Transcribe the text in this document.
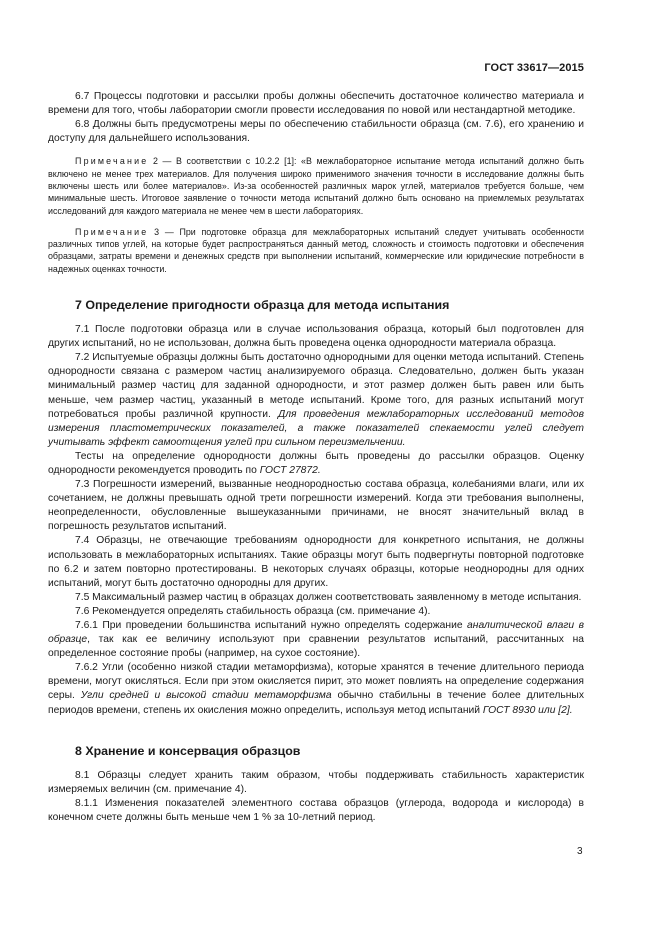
ГОСТ 33617—2015

6.7 Процессы подготовки и рассылки пробы должны обеспечить достаточное количество материала и времени для того, чтобы лаборатории смогли провести исследования по новой или нестандартной методике.

6.8 Должны быть предусмотрены меры по обеспечению стабильности образца (см. 7.6), его хранению и доступу для дальнейшего использования.

Примечание 2 — В соответствии с 10.2.2 [1]: «В межлабораторное испытание метода испытаний должно быть включено не менее трех материалов. Для получения широко применимого значения точности в исследование должны быть включены шесть или более материалов». Из-за особенностей различных марок углей, материалов требуется больше, чем минимальные шесть. Итоговое заявление о точности метода испытаний должно быть основано на приемлемых результатах исследований для каждого материала не менее чем в шести лабораториях.

Примечание 3 — При подготовке образца для межлабораторных испытаний следует учитывать особенности различных типов углей, на которые будет распространяться данный метод, сложность и стоимость подготовки и обеспечения образцами, затраты времени и денежных средств при выполнении испытаний, коммерческие или юридические потребности в надежных оценках точности.

7 Определение пригодности образца для метода испытания

7.1 После подготовки образца или в случае использования образца, который был подготовлен для других испытаний, но не использован, должна быть проведена оценка однородности материала образца.

7.2 Испытуемые образцы должны быть достаточно однородными для оценки метода испытаний. Степень однородности связана с размером частиц анализируемого образца. Следовательно, должен быть указан минимальный размер частиц для заданной однородности, и этот размер должен быть равен или быть меньше, чем размер частиц, указанный в методе испытаний. Кроме того, для разных испытаний могут потребоваться пробы различной крупности. Для проведения межлабораторных исследований методов измерения пластометрических показателей, а также показателей спекаемости углей следует учитывать эффект самоотщения углей при сильном переизмельчении.

Тесты на определение однородности должны быть проведены до рассылки образцов. Оценку однородности рекомендуется проводить по ГОСТ 27872.

7.3 Погрешности измерений, вызванные неоднородностью состава образца, колебаниями влаги, или их сочетанием, не должны превышать одной трети погрешности измерений. Когда эти требования выполнены, неопределенности, обусловленные вышеуказанными причинами, не вносят значительный вклад в погрешность результатов испытаний.

7.4 Образцы, не отвечающие требованиям однородности для конкретного испытания, не должны использовать в межлабораторных испытаниях. Такие образцы могут быть подвергнуты повторной подготовке по 6.2 и затем повторно протестированы. В некоторых случаях образцы, которые неоднородны для одних испытаний, могут быть достаточно однородны для других.

7.5 Максимальный размер частиц в образцах должен соответствовать заявленному в методе испытания.

7.6 Рекомендуется определять стабильность образца (см. примечание 4).

7.6.1 При проведении большинства испытаний нужно определять содержание аналитической влаги в образце, так как ее величину используют при сравнении результатов испытаний, рассчитанных на определенное состояние пробы (например, на сухое состояние).

7.6.2 Угли (особенно низкой стадии метаморфизма), которые хранятся в течение длительного периода времени, могут окисляться. Если при этом окисляется пирит, это может повлиять на определение содержания серы. Угли средней и высокой стадии метаморфизма обычно стабильны в течение более длительных периодов времени, степень их окисления можно определить, используя метод испытаний ГОСТ 8930 или [2].

8 Хранение и консервация образцов

8.1 Образцы следует хранить таким образом, чтобы поддерживать стабильность характеристик измеряемых величин (см. примечание 4).

8.1.1 Изменения показателей элементного состава образцов (углерода, водорода и кислорода) в конечном счете должны быть меньше чем 1 % за 10-летний период.

3
